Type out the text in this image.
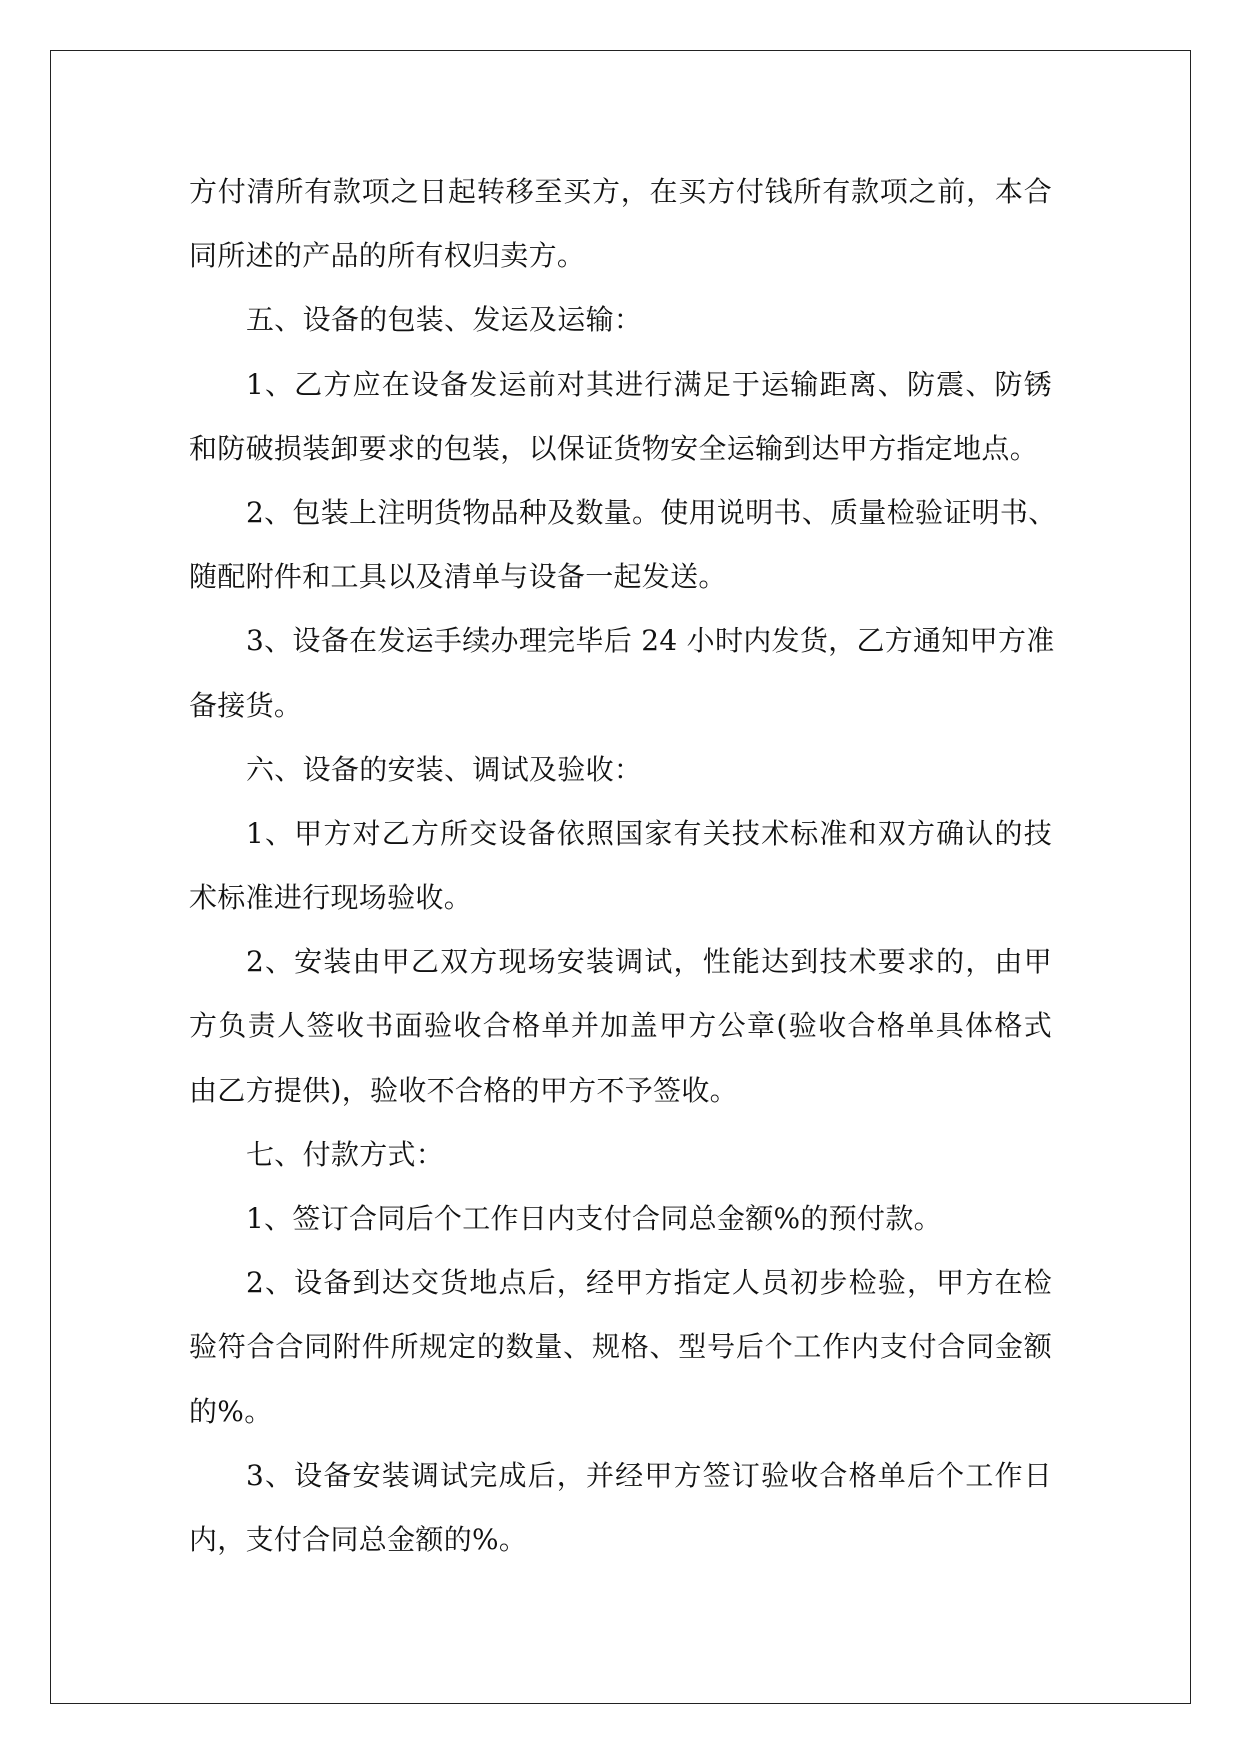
方付清所有款项之日起转移至买方，在买方付钱所有款项之前，本合
同所述的产品的所有权归卖方。
五、设备的包装、发运及运输：
1、乙方应在设备发运前对其进行满足于运输距离、防震、防锈
和防破损装卸要求的包装，以保证货物安全运输到达甲方指定地点。
2、包装上注明货物品种及数量。使用说明书、质量检验证明书、
随配附件和工具以及清单与设备一起发送。
3、设备在发运手续办理完毕后 24 小时内发货，乙方通知甲方准
备接货。
六、设备的安装、调试及验收：
1、甲方对乙方所交设备依照国家有关技术标准和双方确认的技
术标准进行现场验收。
2、安装由甲乙双方现场安装调试，性能达到技术要求的，由甲
方负责人签收书面验收合格单并加盖甲方公章(验收合格单具体格式
由乙方提供)，验收不合格的甲方不予签收。
七、付款方式：
1、签订合同后个工作日内支付合同总金额%的预付款。
2、设备到达交货地点后，经甲方指定人员初步检验，甲方在检
验符合合同附件所规定的数量、规格、型号后个工作内支付合同金额
的%。
3、设备安装调试完成后，并经甲方签订验收合格单后个工作日
内，支付合同总金额的%。
